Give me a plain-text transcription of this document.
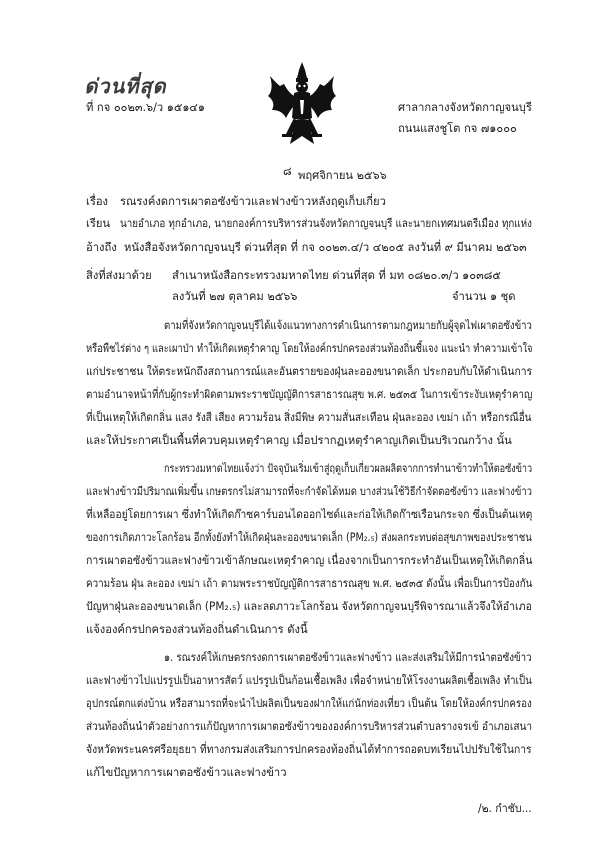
ด่วนที่สุด
ที่ กจ ๐๐๒๓.๖/ว ๑๕๑๔๑	ศาลากลางจังหวัดกาญจนบุรี
ถนนแสงชูโต กจ ๗๑๐๐๐
๘ พฤศจิกายน ๒๕๖๖
เรื่อง รณรงค์งดการเผาตอซังข้าวและฟางข้าวหลังฤดูเก็บเกี่ยว
เรียน นายอำเภอ ทุกอำเภอ, นายกองค์การบริหารส่วนจังหวัดกาญจนบุรี และนายกเทศมนตรีเมือง ทุกแห่ง
อ้างถึง หนังสือจังหวัดกาญจนบุรี ด่วนที่สุด ที่ กจ ๐๐๒๓.๔/ว ๔๒๐๕ ลงวันที่ ๙ มีนาคม ๒๕๖๓
สิ่งที่ส่งมาด้วย สำเนาหนังสือกระทรวงมหาดไทย ด่วนที่สุด ที่ มท ๐๘๒๐.๓/ว ๑๐๓๘๕
ลงวันที่ ๒๗ ตุลาคม ๒๕๖๖	จำนวน ๑ ชุด
ตามที่จังหวัดกาญจนบุรีได้แจ้งแนวทางการดำเนินการตามกฎหมายกับผู้จุดไฟเผาตอซังข้าว
หรือพืชไร่ต่าง ๆ และเผาป่า ทำให้เกิดเหตุรำคาญ โดยให้องค์กรปกครองส่วนท้องถิ่นชี้แจง แนะนำ ทำความเข้าใจ
แก่ประชาชน ให้ตระหนักถึงสถานการณ์และอันตรายของฝุ่นละอองขนาดเล็ก ประกอบกับให้ดำเนินการ
ตามอำนาจหน้าที่กับผู้กระทำผิดตามพระราชบัญญัติการสาธารณสุข พ.ศ. ๒๕๓๕ ในการเข้าระงับเหตุรำคาญ
ที่เป็นเหตุให้เกิดกลิ่น แสง รังสี เสียง ความร้อน สิ่งมีพิษ ความสั่นสะเทือน ฝุ่นละออง เขม่า เถ้า หรือกรณีอื่น
และให้ประกาศเป็นพื้นที่ควบคุมเหตุรำคาญ เมื่อปรากฏเหตุรำคาญเกิดเป็นบริเวณกว้าง นั้น
กระทรวงมหาดไทยแจ้งว่า ปัจจุบันเริ่มเข้าสู่ฤดูเก็บเกี่ยวผลผลิตจากการทำนาข้าวทำให้ตอซังข้าว
และฟางข้าวมีปริมาณเพิ่มขึ้น เกษตรกรไม่สามารถที่จะกำจัดได้หมด บางส่วนใช้วิธีกำจัดตอซังข้าว และฟางข้าว
ที่เหลืออยู่โดยการเผา ซึ่งทำให้เกิดก๊าซคาร์บอนไดออกไซด์และก่อให้เกิดก๊าซเรือนกระจก ซึ่งเป็นต้นเหตุ
ของการเกิดภาวะโลกร้อน อีกทั้งยังทำให้เกิดฝุ่นละอองขนาดเล็ก (PM₂.₅) ส่งผลกระทบต่อสุขภาพของประชาชน
การเผาตอซังข้าวและฟางข้าวเข้าลักษณะเหตุรำคาญ เนื่องจากเป็นการกระทำอันเป็นเหตุให้เกิดกลิ่น
ความร้อน ฝุ่น ละออง เขม่า เถ้า ตามพระราชบัญญัติการสาธารณสุข พ.ศ. ๒๕๓๕ ดังนั้น เพื่อเป็นการป้องกัน
ปัญหาฝุ่นละอองขนาดเล็ก (PM₂.₅) และลดภาวะโลกร้อน จังหวัดกาญจนบุรีพิจารณาแล้วจึงให้อำเภอ
แจ้งองค์กรปกครองส่วนท้องถิ่นดำเนินการ ดังนี้
๑. รณรงค์ให้เกษตรกรงดการเผาตอซังข้าวและฟางข้าว และส่งเสริมให้มีการนำตอซังข้าว
และฟางข้าวไปแปรรูปเป็นอาหารสัตว์ แปรรูปเป็นก้อนเชื้อเพลิง เพื่อจำหน่ายให้โรงงานผลิตเชื้อเพลิง ทำเป็น
อุปกรณ์ตกแต่งบ้าน หรือสามารถที่จะนำไปผลิตเป็นของฝากให้แก่นักท่องเที่ยว เป็นต้น โดยให้องค์กรปกครอง
ส่วนท้องถิ่นนำตัวอย่างการแก้ปัญหาการเผาตอซังข้าวขององค์การบริหารส่วนตำบลรางจรเข้ อำเภอเสนา
จังหวัดพระนครศรีอยุธยา ที่ทางกรมส่งเสริมการปกครองท้องถิ่นได้ทำการถอดบทเรียนไปปรับใช้ในการ
แก้ไขปัญหาการเผาตอซังข้าวและฟางข้าว
/๒. กำชับ...
